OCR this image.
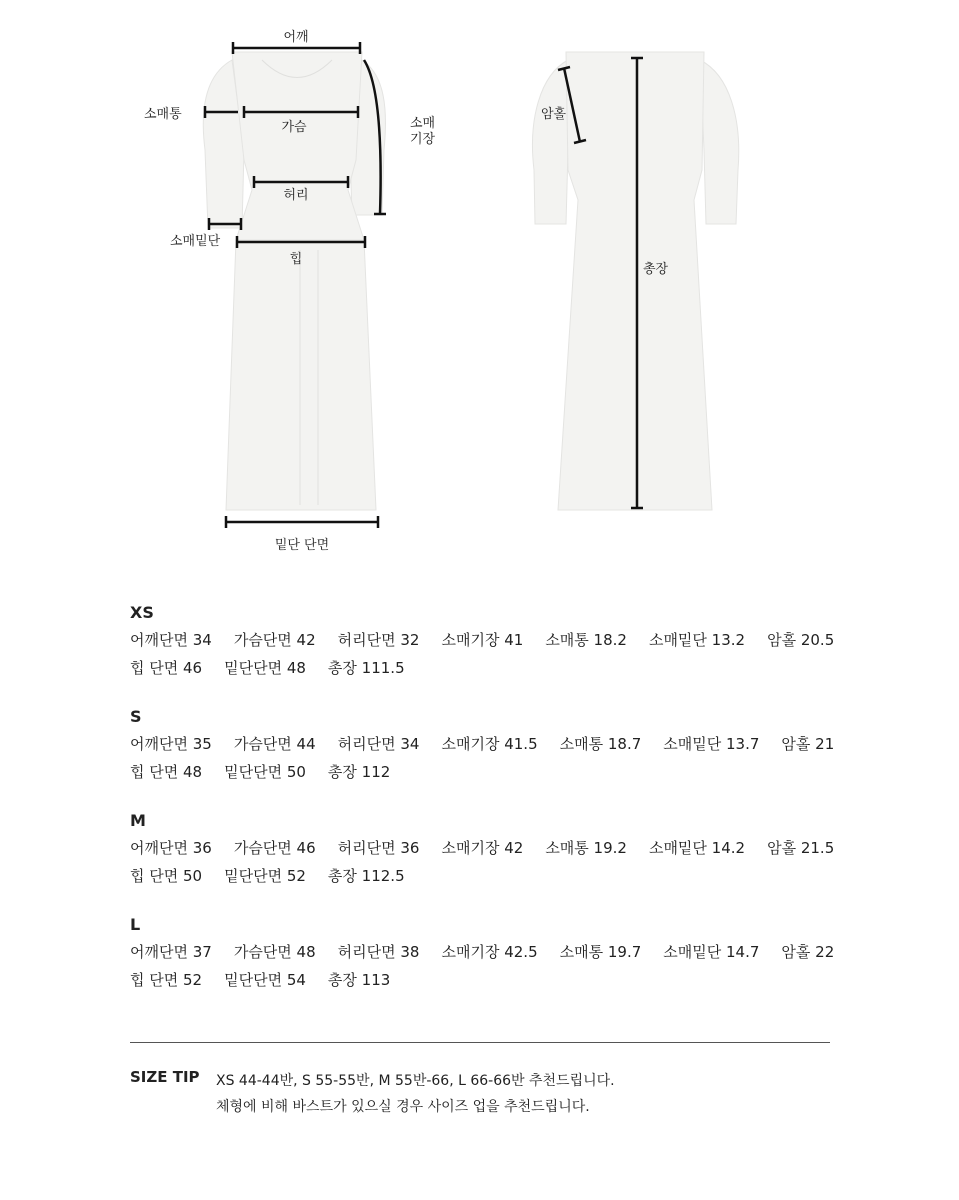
어깨
소매통
가슴	소매
기장
허리
소매밑단
힙
밑단 단면
암홀
총장
XS
어깨단면 34 가슴단면 42 허리단면 32 소매기장 41 소매통 18.2 소매밑단 13.2 암홀 20.5
힙 단면 46 밑단단면 48 총장 111.5
S
어깨단면 35 가슴단면 44 허리단면 34 소매기장 41.5 소매통 18.7 소매밑단 13.7 암홀 21
힙 단면 48 밑단단면 50 총장 112
M
어깨단면 36 가슴단면 46 허리단면 36 소매기장 42 소매통 19.2 소매밑단 14.2 암홀 21.5
힙 단면 50 밑단단면 52 총장 112.5
L
어깨단면 37 가슴단면 48 허리단면 38 소매기장 42.5 소매통 19.7 소매밑단 14.7 암홀 22
힙 단면 52 밑단단면 54 총장 113
SIZE TIP XS 44-44반, S 55-55반, M 55반-66, L 66-66반 추천드립니다.
체형에 비해 바스트가 있으실 경우 사이즈 업을 추천드립니다.
